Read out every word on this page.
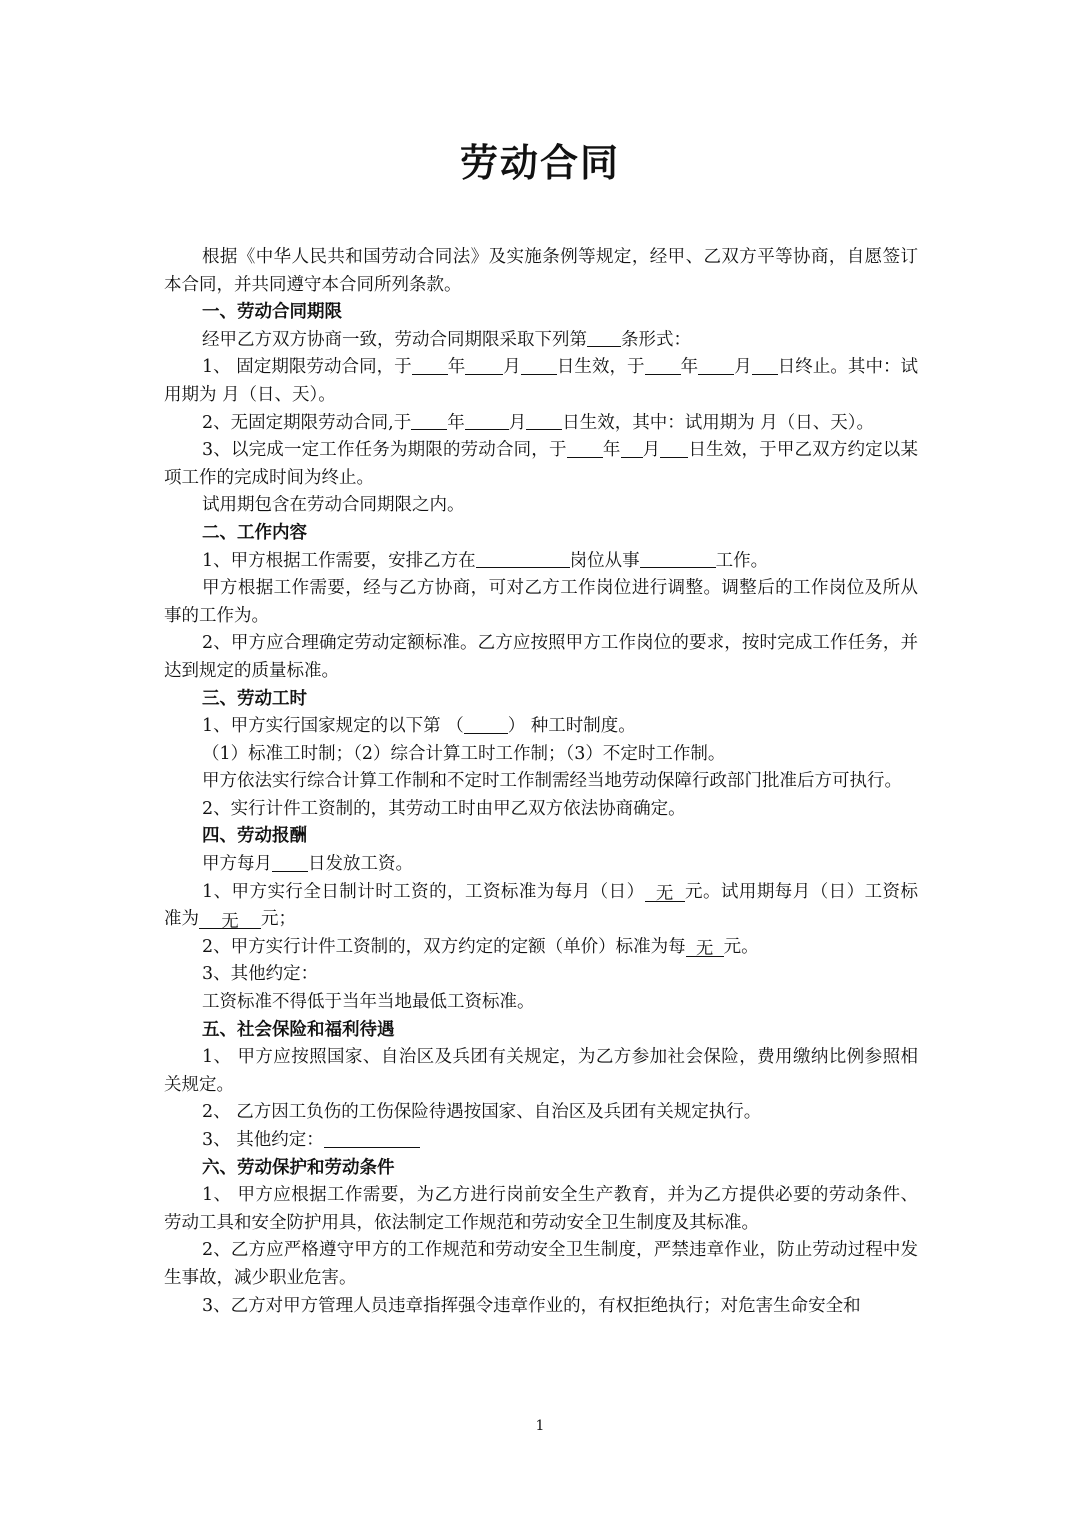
劳动合同

根据《中华人民共和国劳动合同法》及实施条例等规定，经甲、乙双方平等协商，自愿签订本合同，并共同遵守本合同所列条款。

一、劳动合同期限

经甲乙方双方协商一致，劳动合同期限采取下列第 条形式：

1、 固定期限劳动合同，于 年 月 日生效，于 年 月 日终止。其中：试用期为 月（日、天）。

2、无固定期限劳动合同,于 年	月 日生效，其中：试用期为 月（日、天）。

3、以完成一定工作任务为期限的劳动合同，于 年 月 日生效，于甲乙双方约定以某项工作的完成时间为终止。

试用期包含在劳动合同期限之内。

二、工作内容

1、甲方根据工作需要，安排乙方在	岗位从事	工作。

甲方根据工作需要，经与乙方协商，可对乙方工作岗位进行调整。调整后的工作岗位及所从事的工作为。

2、甲方应合理确定劳动定额标准。乙方应按照甲方工作岗位的要求，按时完成工作任务，并达到规定的质量标准。

三、劳动工时

1、甲方实行国家规定的以下第 （	） 种工时制度。

（1）标准工时制；（2）综合计算工时工作制；（3）不定时工作制。

甲方依法实行综合计算工作制和不定时工作制需经当地劳动保障行政部门批准后方可执行。

2、实行计件工资制的，其劳动工时由甲乙双方依法协商确定。

四、劳动报酬

甲方每月 日发放工资。

1、甲方实行全日制计时工资的，工资标准为每月（日） 无 元。试用期每月（日）工资标准为 无 元；

2、甲方实行计件工资制的，双方约定的定额（单价）标准为每 无 元。

3、其他约定：

工资标准不得低于当年当地最低工资标准。

五、社会保险和福利待遇

1、 甲方应按照国家、自治区及兵团有关规定，为乙方参加社会保险，费用缴纳比例参照相关规定。

2、 乙方因工负伤的工伤保险待遇按国家、自治区及兵团有关规定执行。

3、 其他约定：

六、劳动保护和劳动条件

1、 甲方应根据工作需要，为乙方进行岗前安全生产教育，并为乙方提供必要的劳动条件、劳动工具和安全防护用具，依法制定工作规范和劳动安全卫生制度及其标准。

2、乙方应严格遵守甲方的工作规范和劳动安全卫生制度，严禁违章作业，防止劳动过程中发生事故，减少职业危害。

3、乙方对甲方管理人员违章指挥强令违章作业的，有权拒绝执行；对危害生命安全和

1
